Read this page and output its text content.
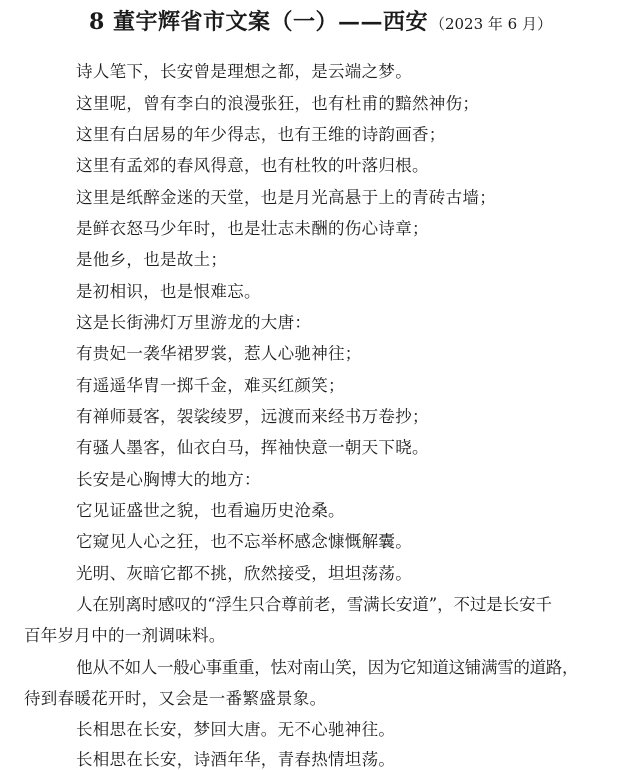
8 董宇辉省市文案（一）——西安 （2023 年 6 月）
诗人笔下，长安曾是理想之都，是云端之梦。
这里呢，曾有李白的浪漫张狂，也有杜甫的黯然神伤；
这里有白居易的年少得志，也有王维的诗韵画香；
这里有孟郊的春风得意，也有杜牧的叶落归根。
这里是纸醉金迷的天堂，也是月光高悬于上的青砖古墙；
是鲜衣怒马少年时，也是壮志未酬的伤心诗章；
是他乡，也是故土；
是初相识，也是恨难忘。
这是长街沸灯万里游龙的大唐：
有贵妃一袭华裙罗裳，惹人心驰神往；
有遥遥华胄一掷千金，难买红颜笑；
有禅师聂客，袈裟绫罗，远渡而来经书万卷抄；
有骚人墨客，仙衣白马，挥袖快意一朝天下晓。
长安是心胸博大的地方：
它见证盛世之貌，也看遍历史沧桑。
它窥见人心之狂，也不忘举杯感念慷慨解囊。
光明、灰暗它都不挑，欣然接受，坦坦荡荡。
人在别离时感叹的“浮生只合尊前老，雪满长安道”，不过是长安千
百年岁月中的一剂调味料。
他从不如人一般心事重重，怯对南山笑，因为它知道这铺满雪的道路，
待到春暖花开时，又会是一番繁盛景象。
长相思在长安，梦回大唐。无不心驰神往。
长相思在长安，诗酒年华，青春热情坦荡。
